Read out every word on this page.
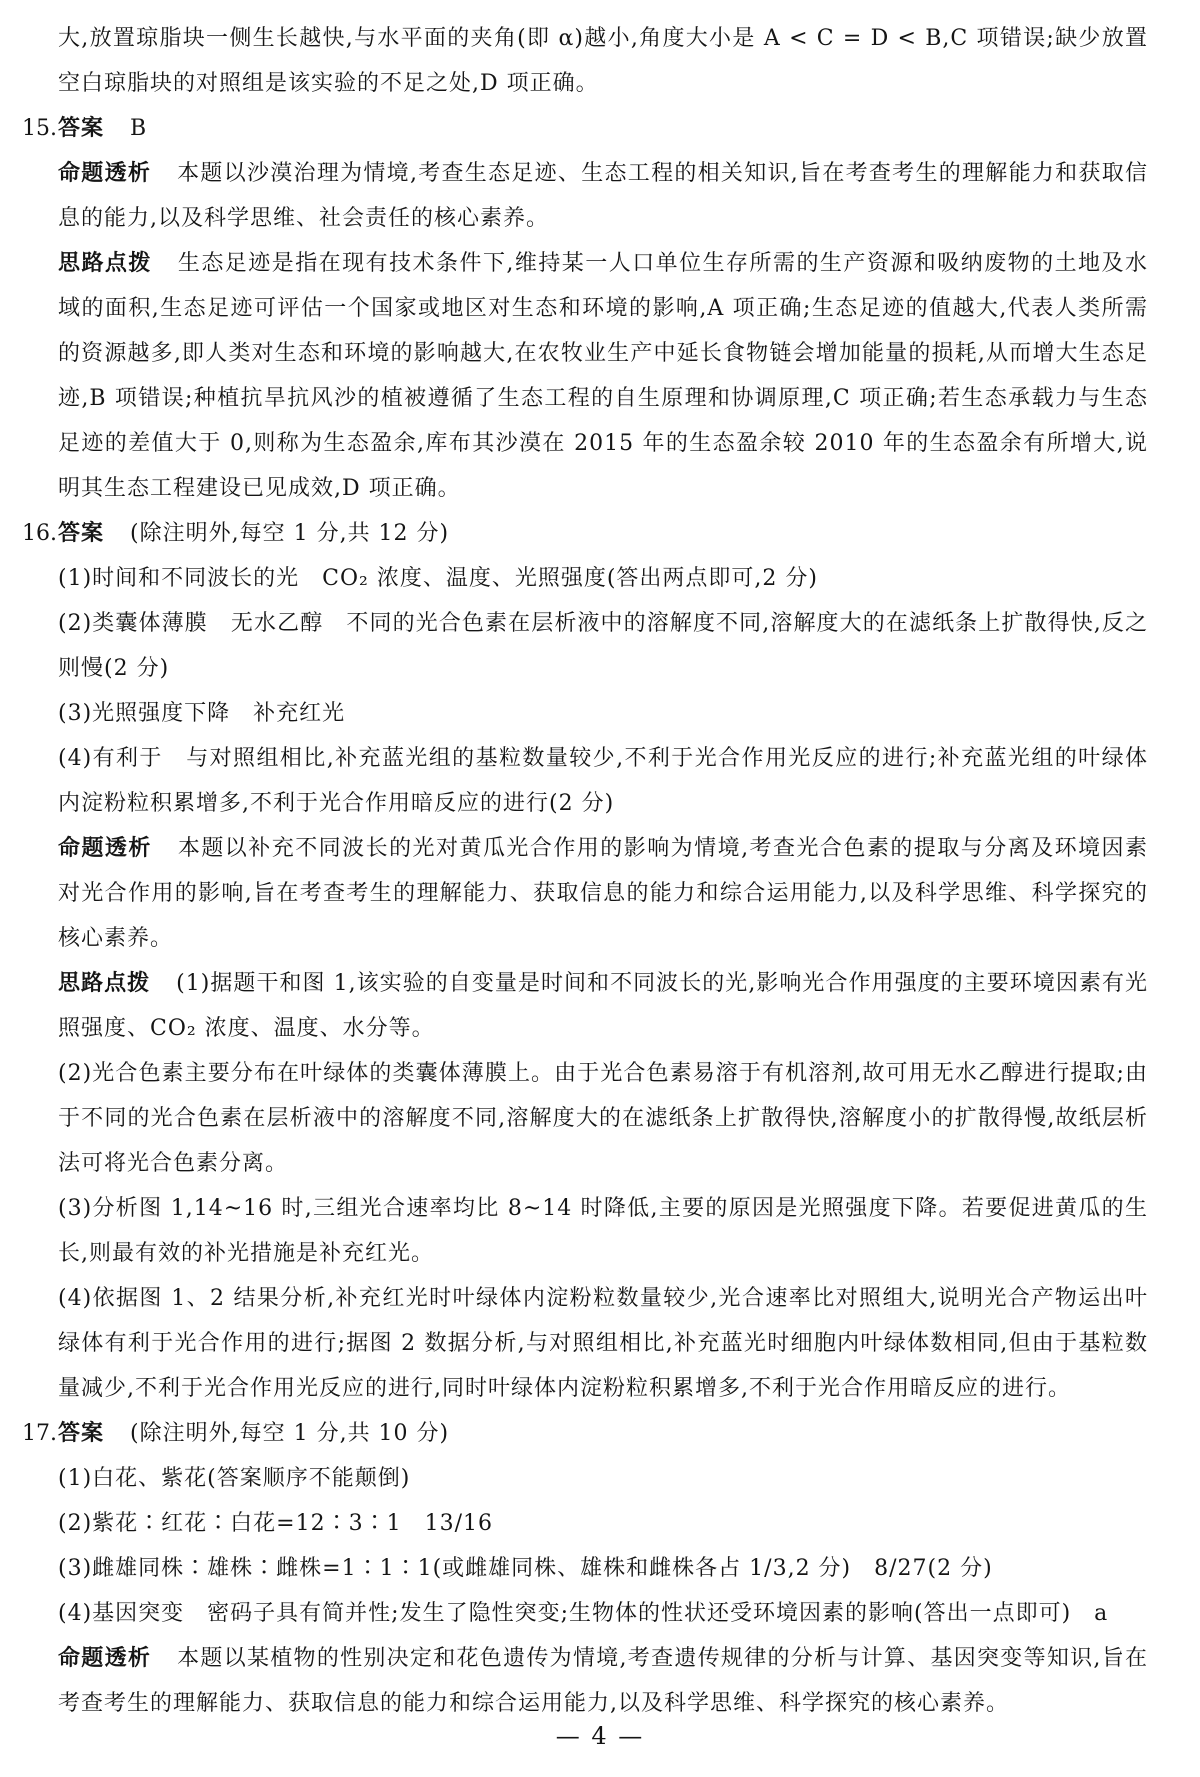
大,放置琼脂块一侧生长越快,与水平面的夹角(即 α)越小,角度大小是 A < C = D < B,C 项错误;缺少放置空白琼脂块的对照组是该实验的不足之处,D 项正确。

15. 答案 B

命题透析 本题以沙漠治理为情境,考查生态足迹、生态工程的相关知识,旨在考查考生的理解能力和获取信息的能力,以及科学思维、社会责任的核心素养。

思路点拨 生态足迹是指在现有技术条件下,维持某一人口单位生存所需的生产资源和吸纳废物的土地及水域的面积,生态足迹可评估一个国家或地区对生态和环境的影响,A 项正确;生态足迹的值越大,代表人类所需的资源越多,即人类对生态和环境的影响越大,在农牧业生产中延长食物链会增加能量的损耗,从而增大生态足迹,B 项错误;种植抗旱抗风沙的植被遵循了生态工程的自生原理和协调原理,C 项正确;若生态承载力与生态足迹的差值大于 0,则称为生态盈余,库布其沙漠在 2015 年的生态盈余较 2010 年的生态盈余有所增大,说明其生态工程建设已见成效,D 项正确。

16. 答案 (除注明外,每空 1 分,共 12 分)

(1)时间和不同波长的光　CO₂ 浓度、温度、光照强度(答出两点即可,2 分)

(2)类囊体薄膜　无水乙醇　不同的光合色素在层析液中的溶解度不同,溶解度大的在滤纸条上扩散得快,反之则慢(2 分)

(3)光照强度下降　补充红光

(4)有利于　与对照组相比,补充蓝光组的基粒数量较少,不利于光合作用光反应的进行;补充蓝光组的叶绿体内淀粉粒积累增多,不利于光合作用暗反应的进行(2 分)

命题透析 本题以补充不同波长的光对黄瓜光合作用的影响为情境,考查光合色素的提取与分离及环境因素对光合作用的影响,旨在考查考生的理解能力、获取信息的能力和综合运用能力,以及科学思维、科学探究的核心素养。

思路点拨 (1)据题干和图 1,该实验的自变量是时间和不同波长的光,影响光合作用强度的主要环境因素有光照强度、CO₂ 浓度、温度、水分等。

(2)光合色素主要分布在叶绿体的类囊体薄膜上。由于光合色素易溶于有机溶剂,故可用无水乙醇进行提取;由于不同的光合色素在层析液中的溶解度不同,溶解度大的在滤纸条上扩散得快,溶解度小的扩散得慢,故纸层析法可将光合色素分离。

(3)分析图 1,14~16 时,三组光合速率均比 8~14 时降低,主要的原因是光照强度下降。若要促进黄瓜的生长,则最有效的补光措施是补充红光。

(4)依据图 1、2 结果分析,补充红光时叶绿体内淀粉粒数量较少,光合速率比对照组大,说明光合产物运出叶绿体有利于光合作用的进行;据图 2 数据分析,与对照组相比,补充蓝光时细胞内叶绿体数相同,但由于基粒数量减少,不利于光合作用光反应的进行,同时叶绿体内淀粉粒积累增多,不利于光合作用暗反应的进行。

17. 答案 (除注明外,每空 1 分,共 10 分)

(1)白花、紫花(答案顺序不能颠倒)

(2)紫花∶红花∶白花=12∶3∶1　13/16

(3)雌雄同株∶雄株∶雌株=1∶1∶1(或雌雄同株、雄株和雌株各占 1/3,2 分)　8/27(2 分)

(4)基因突变　密码子具有简并性;发生了隐性突变;生物体的性状还受环境因素的影响(答出一点即可)　a

命题透析 本题以某植物的性别决定和花色遗传为情境,考查遗传规律的分析与计算、基因突变等知识,旨在考查考生的理解能力、获取信息的能力和综合运用能力,以及科学思维、科学探究的核心素养。

— 4 —
